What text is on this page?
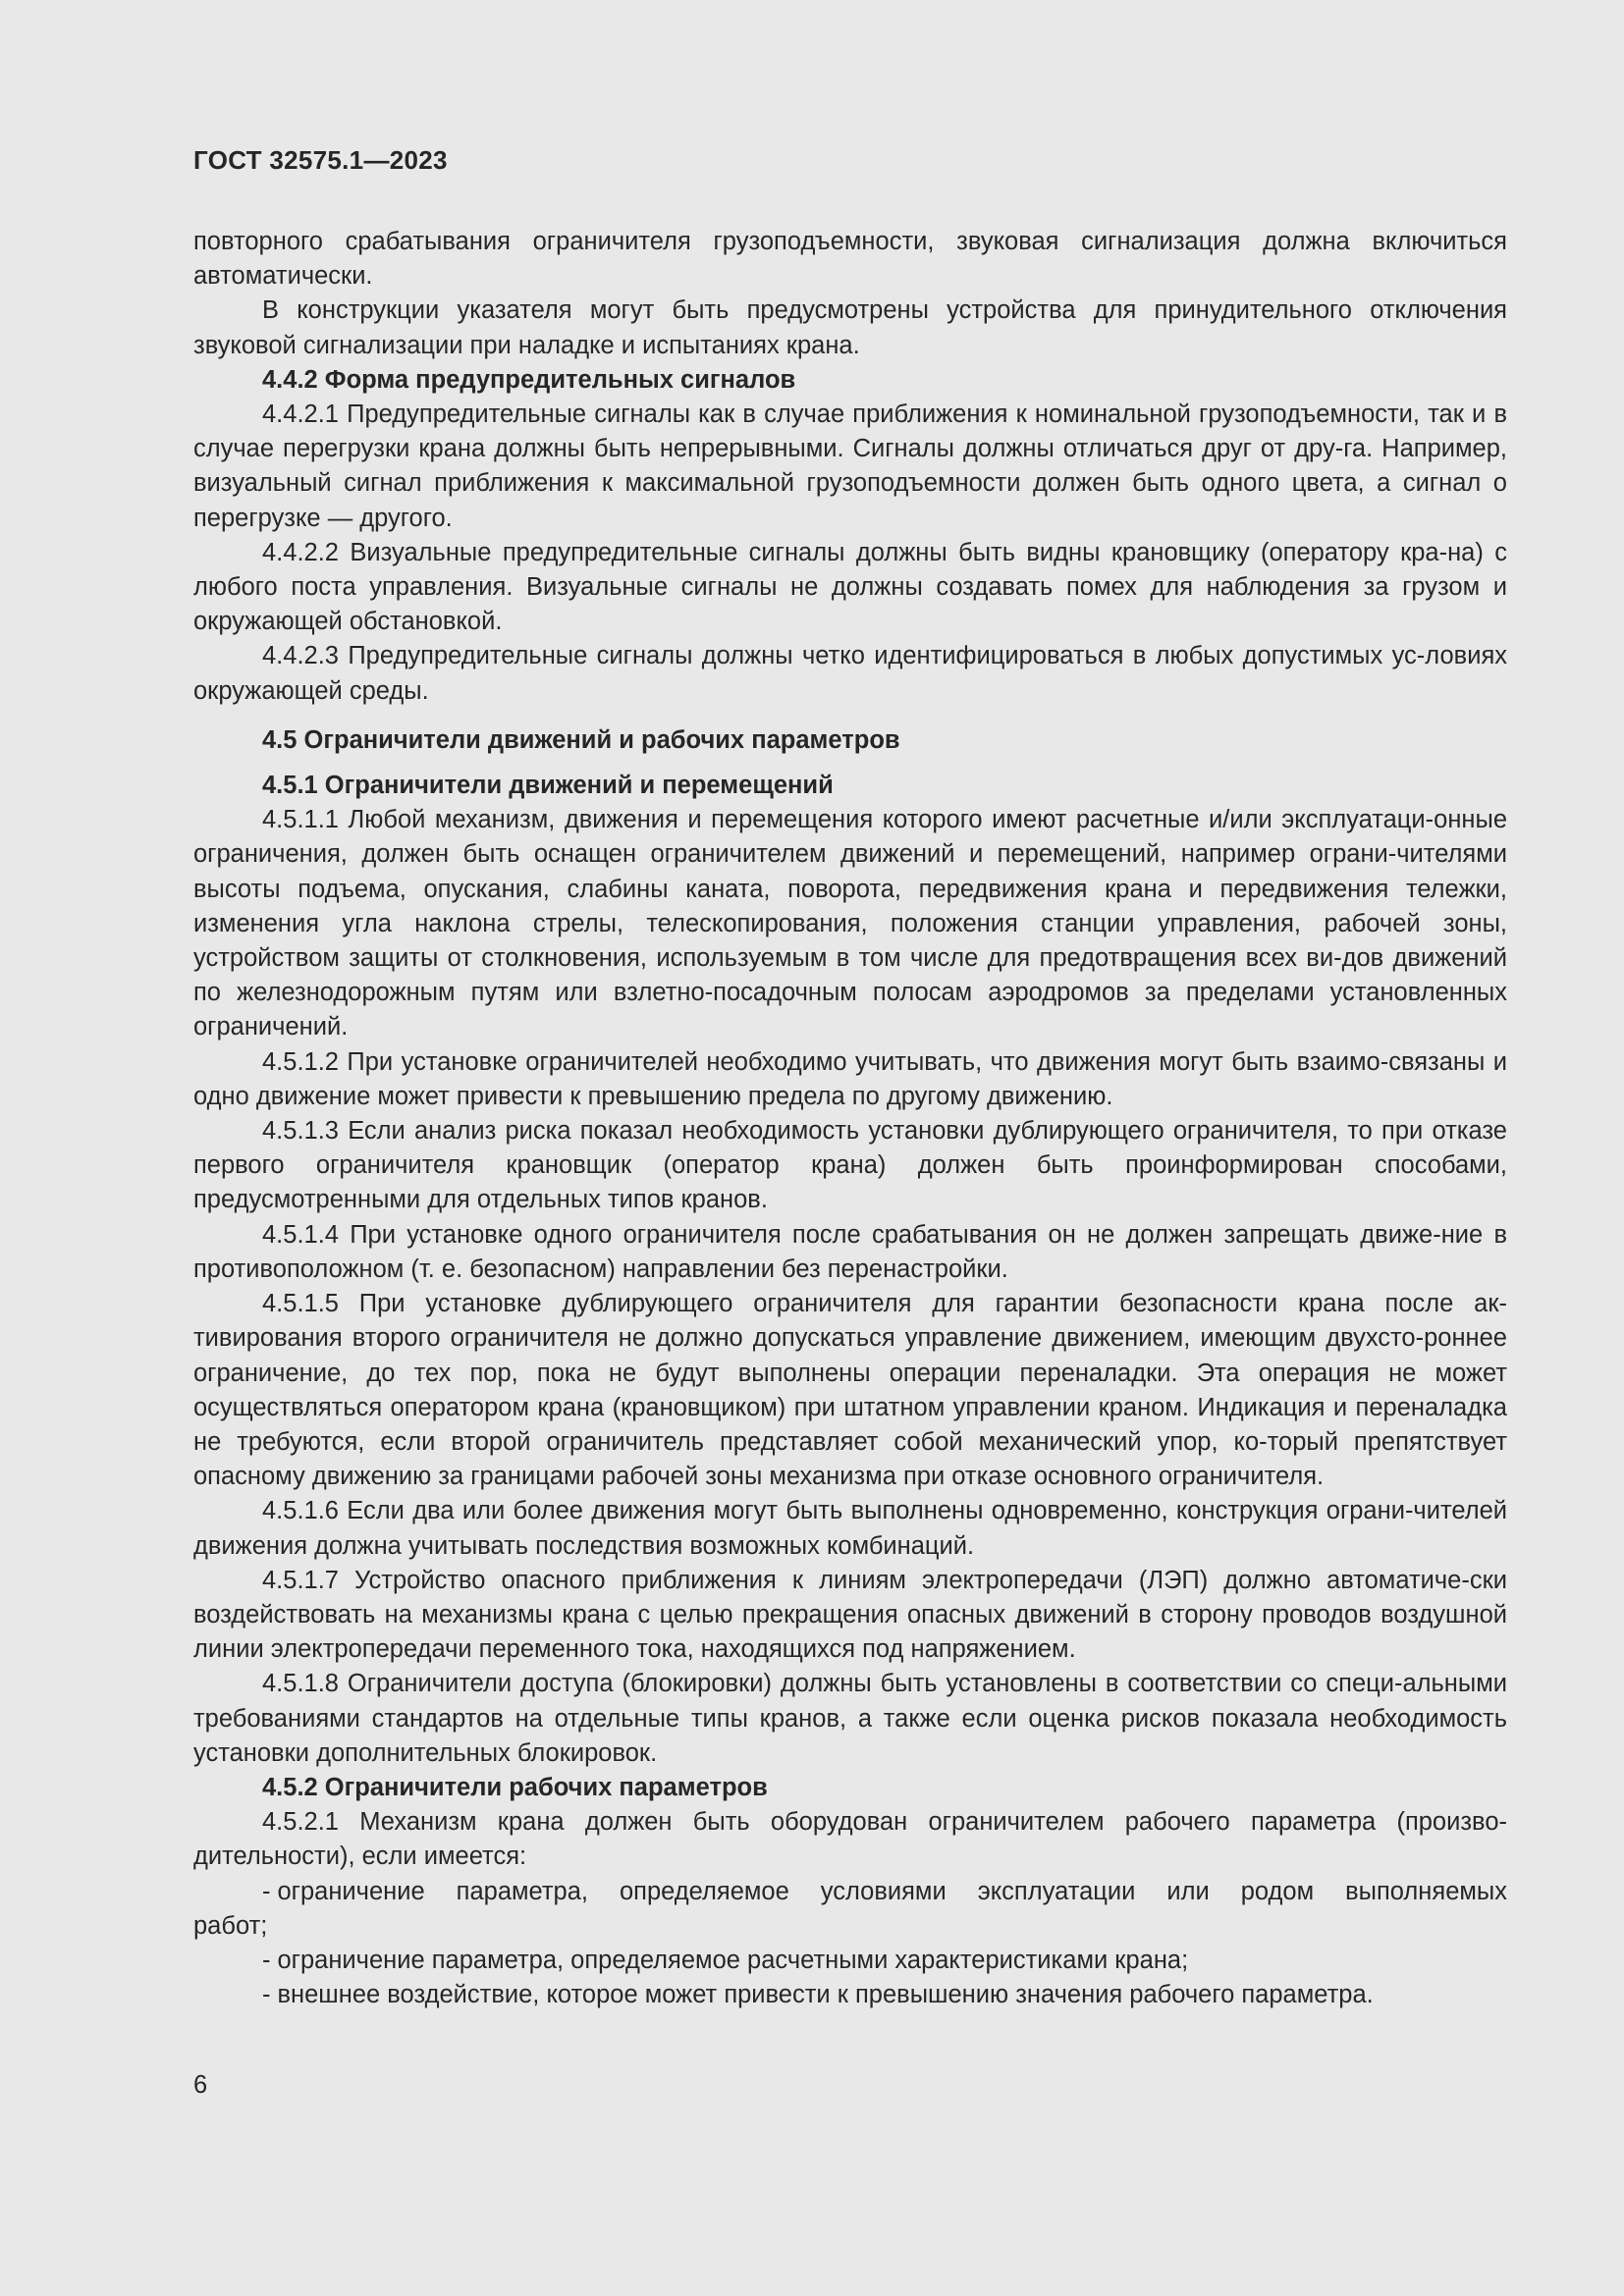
ГОСТ 32575.1—2023

повторного срабатывания ограничителя грузоподъемности, звуковая сигнализация должна включиться автоматически.

В конструкции указателя могут быть предусмотрены устройства для принудительного отключения звуковой сигнализации при наладке и испытаниях крана.

4.4.2 Форма предупредительных сигналов

4.4.2.1 Предупредительные сигналы как в случае приближения к номинальной грузоподъемности, так и в случае перегрузки крана должны быть непрерывными. Сигналы должны отличаться друг от дру-га. Например, визуальный сигнал приближения к максимальной грузоподъемности должен быть одного цвета, а сигнал о перегрузке — другого.

4.4.2.2 Визуальные предупредительные сигналы должны быть видны крановщику (оператору кра-на) с любого поста управления. Визуальные сигналы не должны создавать помех для наблюдения за грузом и окружающей обстановкой.

4.4.2.3 Предупредительные сигналы должны четко идентифицироваться в любых допустимых ус-ловиях окружающей среды.

4.5 Ограничители движений и рабочих параметров

4.5.1 Ограничители движений и перемещений

4.5.1.1 Любой механизм, движения и перемещения которого имеют расчетные и/или эксплуатаци-онные ограничения, должен быть оснащен ограничителем движений и перемещений, например ограни-чителями высоты подъема, опускания, слабины каната, поворота, передвижения крана и передвижения тележки, изменения угла наклона стрелы, телескопирования, положения станции управления, рабочей зоны, устройством защиты от столкновения, используемым в том числе для предотвращения всех ви-дов движений по железнодорожным путям или взлетно-посадочным полосам аэродромов за пределами установленных ограничений.

4.5.1.2 При установке ограничителей необходимо учитывать, что движения могут быть взаимо-связаны и одно движение может привести к превышению предела по другому движению.

4.5.1.3 Если анализ риска показал необходимость установки дублирующего ограничителя, то при отказе первого ограничителя крановщик (оператор крана) должен быть проинформирован способами, предусмотренными для отдельных типов кранов.

4.5.1.4 При установке одного ограничителя после срабатывания он не должен запрещать движе-ние в противоположном (т. е. безопасном) направлении без перенастройки.

4.5.1.5 При установке дублирующего ограничителя для гарантии безопасности крана после ак-тивирования второго ограничителя не должно допускаться управление движением, имеющим двухсто-роннее ограничение, до тех пор, пока не будут выполнены операции переналадки. Эта операция не может осуществляться оператором крана (крановщиком) при штатном управлении краном. Индикация и переналадка не требуются, если второй ограничитель представляет собой механический упор, ко-торый препятствует опасному движению за границами рабочей зоны механизма при отказе основного ограничителя.

4.5.1.6 Если два или более движения могут быть выполнены одновременно, конструкция ограни-чителей движения должна учитывать последствия возможных комбинаций.

4.5.1.7 Устройство опасного приближения к линиям электропередачи (ЛЭП) должно автоматиче-ски воздействовать на механизмы крана с целью прекращения опасных движений в сторону проводов воздушной линии электропередачи переменного тока, находящихся под напряжением.

4.5.1.8 Ограничители доступа (блокировки) должны быть установлены в соответствии со специ-альными требованиями стандартов на отдельные типы кранов, а также если оценка рисков показала необходимость установки дополнительных блокировок.

4.5.2 Ограничители рабочих параметров

4.5.2.1 Механизм крана должен быть оборудован ограничителем рабочего параметра (произво-дительности), если имеется:

- ограничение параметра, определяемое условиями эксплуатации или родом выполняемых работ;

- ограничение параметра, определяемое расчетными характеристиками крана;

- внешнее воздействие, которое может привести к превышению значения рабочего параметра.

6
